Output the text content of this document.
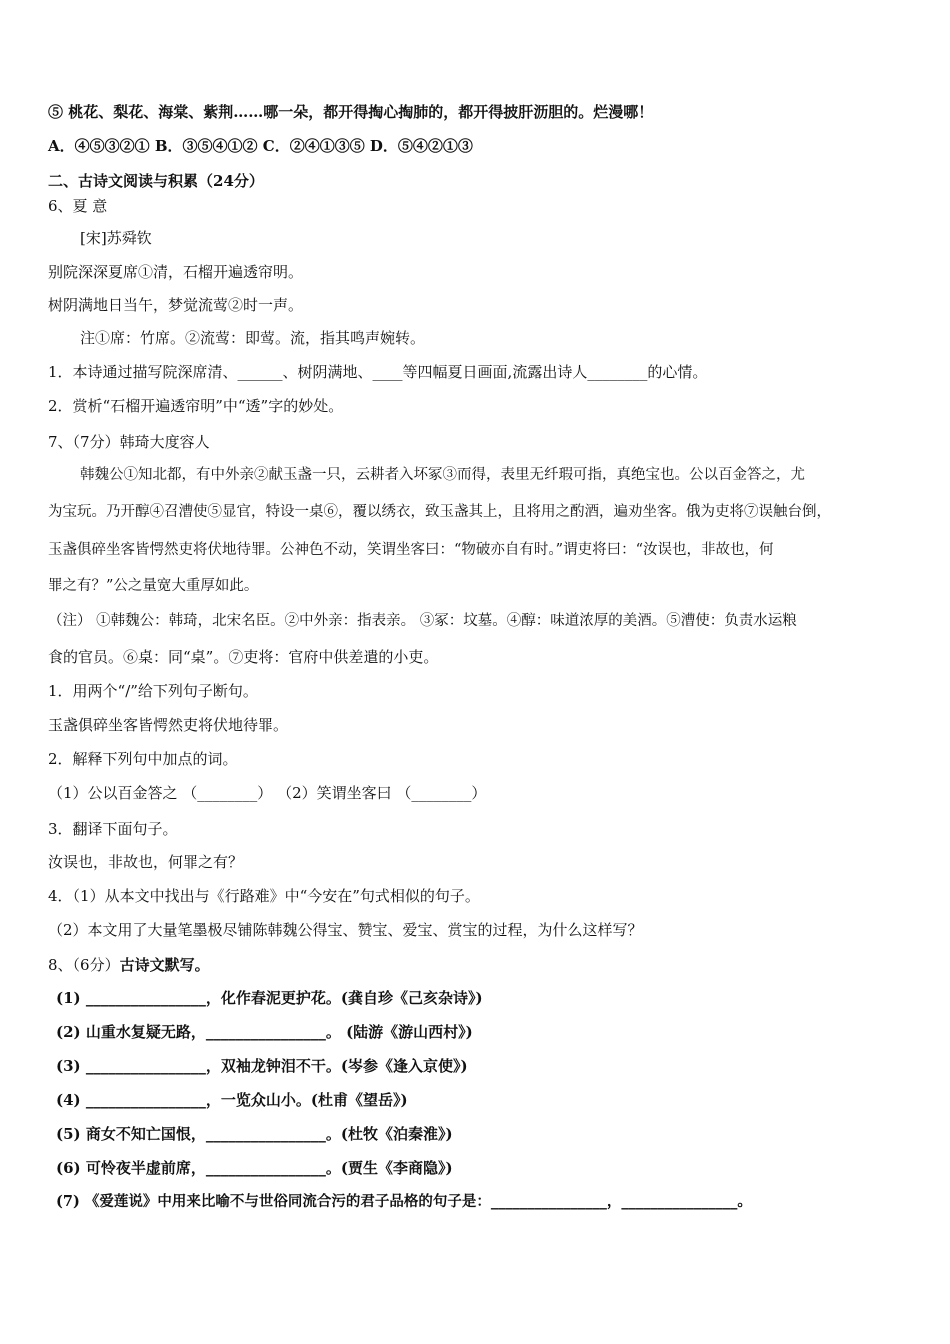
⑤ 桃花、梨花、海棠、紫荆……哪一朵，都开得掏心掏肺的，都开得披肝沥胆的。烂漫哪！
A．④⑤③②① B．③⑤④①② C．②④①③⑤ D．⑤④②①③
二、古诗文阅读与积累（24分）
6、夏 意
[宋]苏舜钦
别院深深夏席①清，石榴开遍透帘明。
树阴满地日当午，梦觉流莺②时一声。
注①席：竹席。②流莺：即莺。流，指其鸣声婉转。
1．本诗通过描写院深席清、______、树阴满地、____等四幅夏日画面,流露出诗人________的心情。
2．赏析“石榴开遍透帘明”中“透”字的妙处。
7、（7分）韩琦大度容人
韩魏公①知北都，有中外亲②献玉盏一只，云耕者入坏冢③而得，表里无纤瑕可指，真绝宝也。公以百金答之，尤
为宝玩。乃开醇④召漕使⑤显官，特设一桌⑥，覆以绣衣，致玉盏其上，且将用之酌酒，遍劝坐客。俄为吏将⑦误触台倒，
玉盏俱碎坐客皆愕然吏将伏地待罪。公神色不动，笑谓坐客曰：“物破亦自有时。”谓吏将曰：“汝误也，非故也，何
罪之有？”公之量宽大重厚如此。
（注） ①韩魏公：韩琦，北宋名臣。②中外亲：指表亲。 ③冢：坟墓。④醇：味道浓厚的美酒。⑤漕使：负责水运粮
食的官员。⑥桌：同“桌”。⑦吏将：官府中供差遣的小吏。
1．用两个“/”给下列句子断句。
玉盏俱碎坐客皆愕然吏将伏地待罪。
2．解释下列句中加点的词。
（1）公以百金答之 （________） （2）笑谓坐客曰 （________）
3．翻译下面句子。
汝误也，非故也，何罪之有？
4．（1）从本文中找出与《行路难》中“今安在”句式相似的句子。
（2）本文用了大量笔墨极尽铺陈韩魏公得宝、赞宝、爱宝、赏宝的过程，为什么这样写？
8、（6分）古诗文默写。
(1) ________________，化作春泥更护花。(龚自珍《己亥杂诗》)
(2) 山重水复疑无路，________________。 (陆游《游山西村》)
(3) ________________，双袖龙钟泪不干。(岑参《逢入京使》)
(4) ________________，一览众山小。(杜甫《望岳》)
(5) 商女不知亡国恨，________________。(杜牧《泊秦淮》)
(6) 可怜夜半虚前席，________________。(贾生《李商隐》)
(7) 《爱莲说》中用来比喻不与世俗同流合污的君子品格的句子是：________________，________________。
